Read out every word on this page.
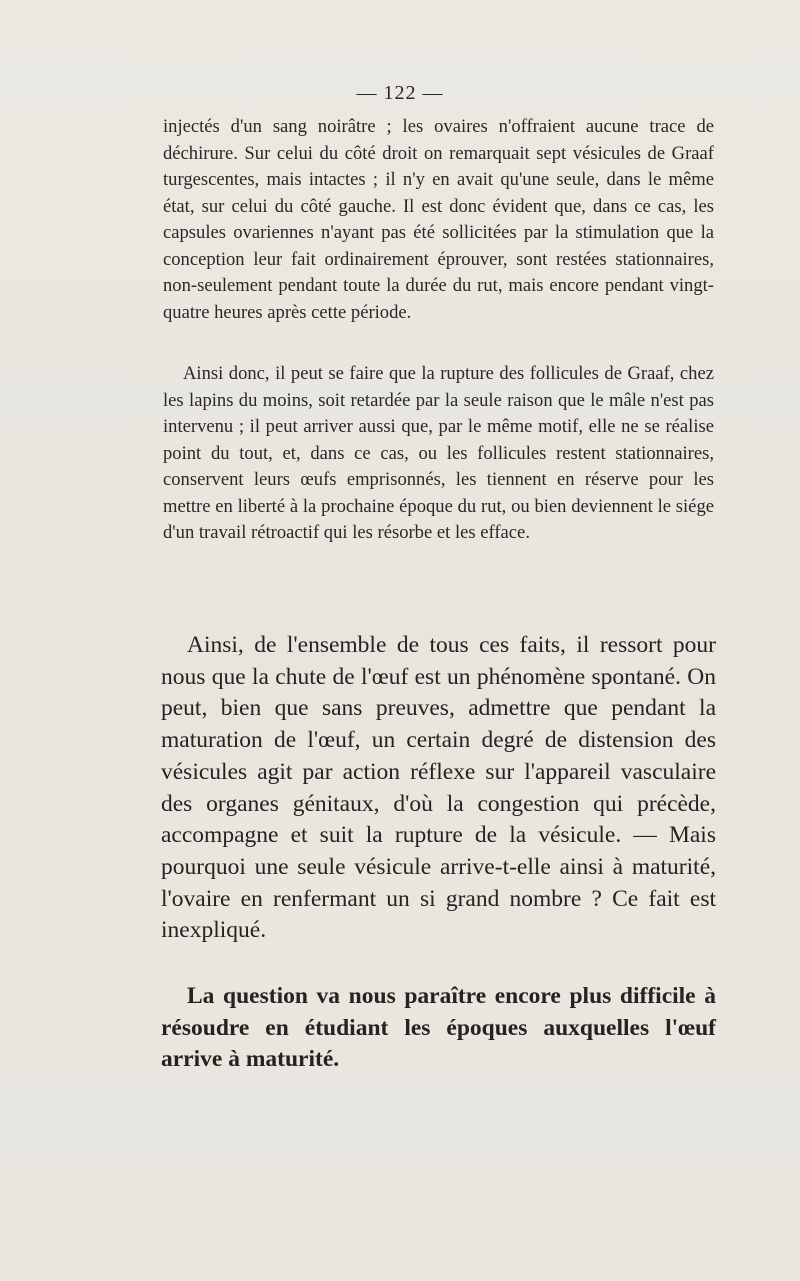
— 122 —

injectés d'un sang noirâtre ; les ovaires n'offraient aucune trace de déchirure. Sur celui du côté droit on remarquait sept vésicules de Graaf turgescentes, mais intactes ; il n'y en avait qu'une seule, dans le même état, sur celui du côté gauche. Il est donc évident que, dans ce cas, les capsules ovariennes n'ayant pas été sollicitées par la stimulation que la conception leur fait ordinairement éprouver, sont restées stationnaires, non-seulement pendant toute la durée du rut, mais encore pendant vingt-quatre heures après cette période.

Ainsi donc, il peut se faire que la rupture des follicules de Graaf, chez les lapins du moins, soit retardée par la seule raison que le mâle n'est pas intervenu ; il peut arriver aussi que, par le même motif, elle ne se réalise point du tout, et, dans ce cas, ou les follicules restent stationnaires, conservent leurs œufs emprisonnés, les tiennent en réserve pour les mettre en liberté à la prochaine époque du rut, ou bien deviennent le siége d'un travail rétroactif qui les résorbe et les efface.

Ainsi, de l'ensemble de tous ces faits, il ressort pour nous que la chute de l'œuf est un phénomène spontané. On peut, bien que sans preuves, admettre que pendant la maturation de l'œuf, un certain degré de distension des vésicules agit par action réflexe sur l'appareil vasculaire des organes génitaux, d'où la congestion qui précède, accompagne et suit la rupture de la vésicule. — Mais pourquoi une seule vésicule arrive-t-elle ainsi à maturité, l'ovaire en renfermant un si grand nombre ? Ce fait est inexpliqué.

La question va nous paraître encore plus difficile à résoudre en étudiant les époques auxquelles l'œuf arrive à maturité.
